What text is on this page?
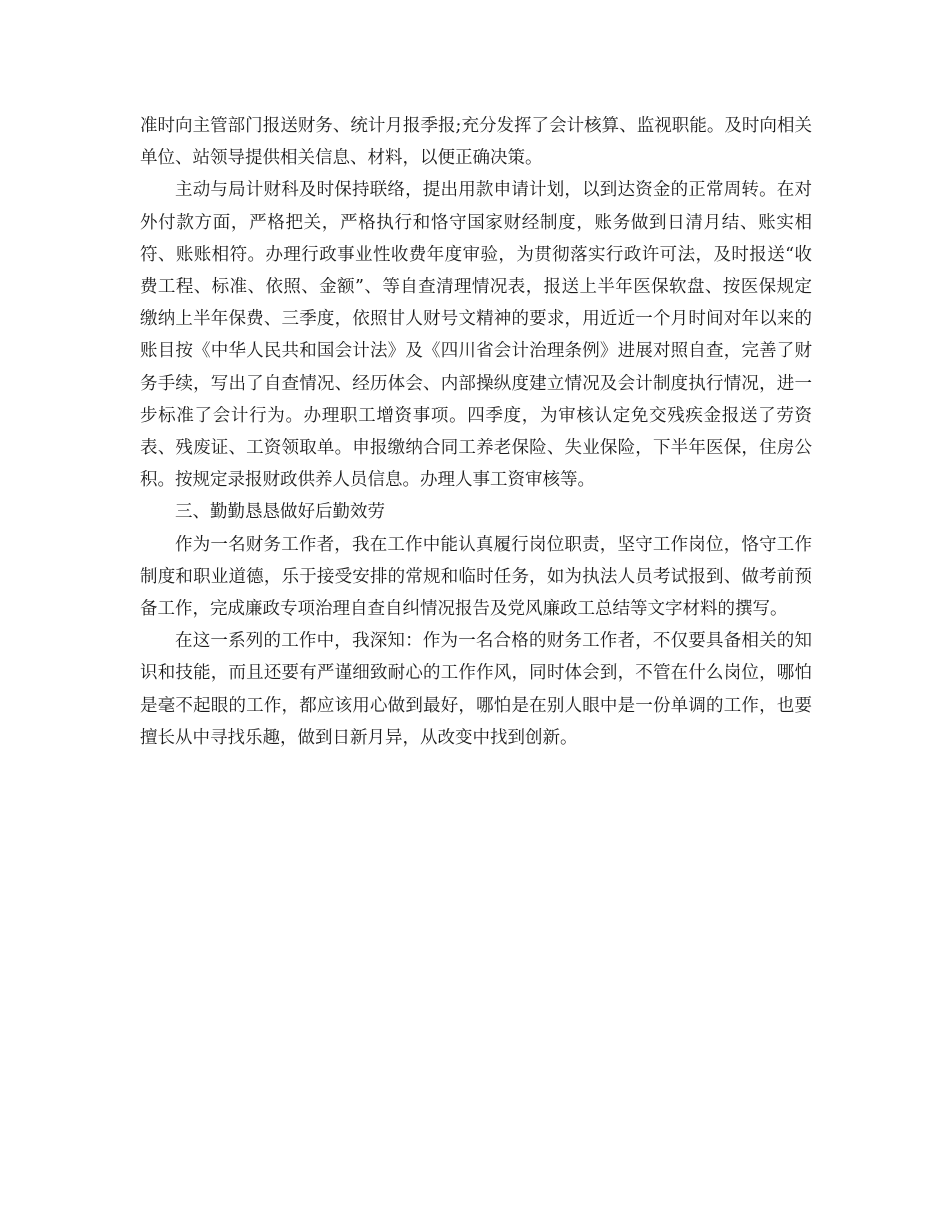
准时向主管部门报送财务、统计月报季报;充分发挥了会计核算、监视职能。及时向相关单位、站领导提供相关信息、材料，以便正确决策。

主动与局计财科及时保持联络，提出用款申请计划，以到达资金的正常周转。在对外付款方面，严格把关，严格执行和恪守国家财经制度，账务做到日清月结、账实相符、账账相符。办理行政事业性收费年度审验，为贯彻落实行政许可法，及时报送“收费工程、标准、依照、金额”、等自查清理情况表，报送上半年医保软盘、按医保规定缴纳上半年保费、三季度，依照甘人财号文精神的要求，用近近一个月时间对年以来的账目按《中华人民共和国会计法》及《四川省会计治理条例》进展对照自查，完善了财务手续，写出了自查情况、经历体会、内部操纵度建立情况及会计制度执行情况，进一步标准了会计行为。办理职工增资事项。四季度，为审核认定免交残疾金报送了劳资表、残废证、工资领取单。申报缴纳合同工养老保险、失业保险，下半年医保，住房公积。按规定录报财政供养人员信息。办理人事工资审核等。

三、勤勤恳恳做好后勤效劳

作为一名财务工作者，我在工作中能认真履行岗位职责，坚守工作岗位，恪守工作制度和职业道德，乐于接受安排的常规和临时任务，如为执法人员考试报到、做考前预备工作，完成廉政专项治理自查自纠情况报告及党风廉政工总结等文字材料的撰写。

在这一系列的工作中，我深知：作为一名合格的财务工作者，不仅要具备相关的知识和技能，而且还要有严谨细致耐心的工作作风，同时体会到，不管在什么岗位，哪怕是毫不起眼的工作，都应该用心做到最好，哪怕是在别人眼中是一份单调的工作，也要擅长从中寻找乐趣，做到日新月异，从改变中找到创新。
